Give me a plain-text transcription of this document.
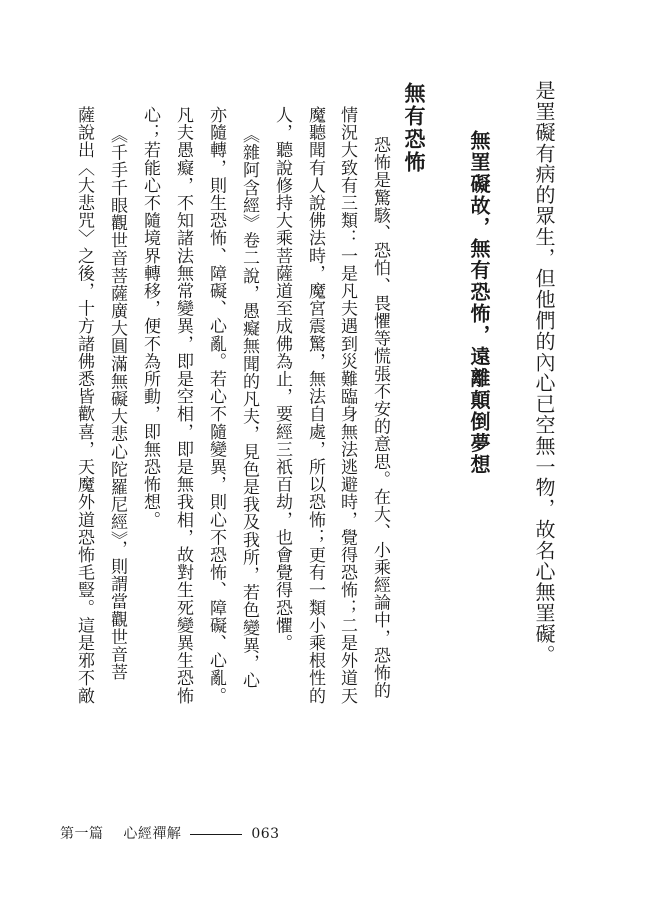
是罣礙有病的眾生，但他們的內心已空無一物，故名心無罣礙。
無罣礙故，無有恐怖，遠離顛倒夢想
無有恐怖
恐怖是驚駭、恐怕、畏懼等慌張不安的意思。在大、小乘經論中，恐怖的
情況大致有三類：一是凡夫遇到災難臨身無法逃避時，覺得恐怖；二是外道天
魔聽聞有人說佛法時，魔宮震驚，無法自處，所以恐怖；更有一類小乘根性的
人，聽說修持大乘菩薩道至成佛為止，要經三祇百劫，也會覺得恐懼。
《雜阿含經》卷二說，愚癡無聞的凡夫，見色是我及我所，若色變異，心
亦隨轉，則生恐怖、障礙、心亂。若心不隨變異，則心不恐怖、障礙、心亂。
凡夫愚癡，不知諸法無常變異，即是空相，即是無我相，故對生死變異生恐怖
心；若能心不隨境界轉移，便不為所動，即無恐怖想。
《千手千眼觀世音菩薩廣大圓滿無礙大悲心陀羅尼經》，則謂當觀世音菩
薩說出〈大悲咒〉之後，十方諸佛悉皆歡喜，天魔外道恐怖毛豎。這是邪不敵
第一篇 心經禪解	063
